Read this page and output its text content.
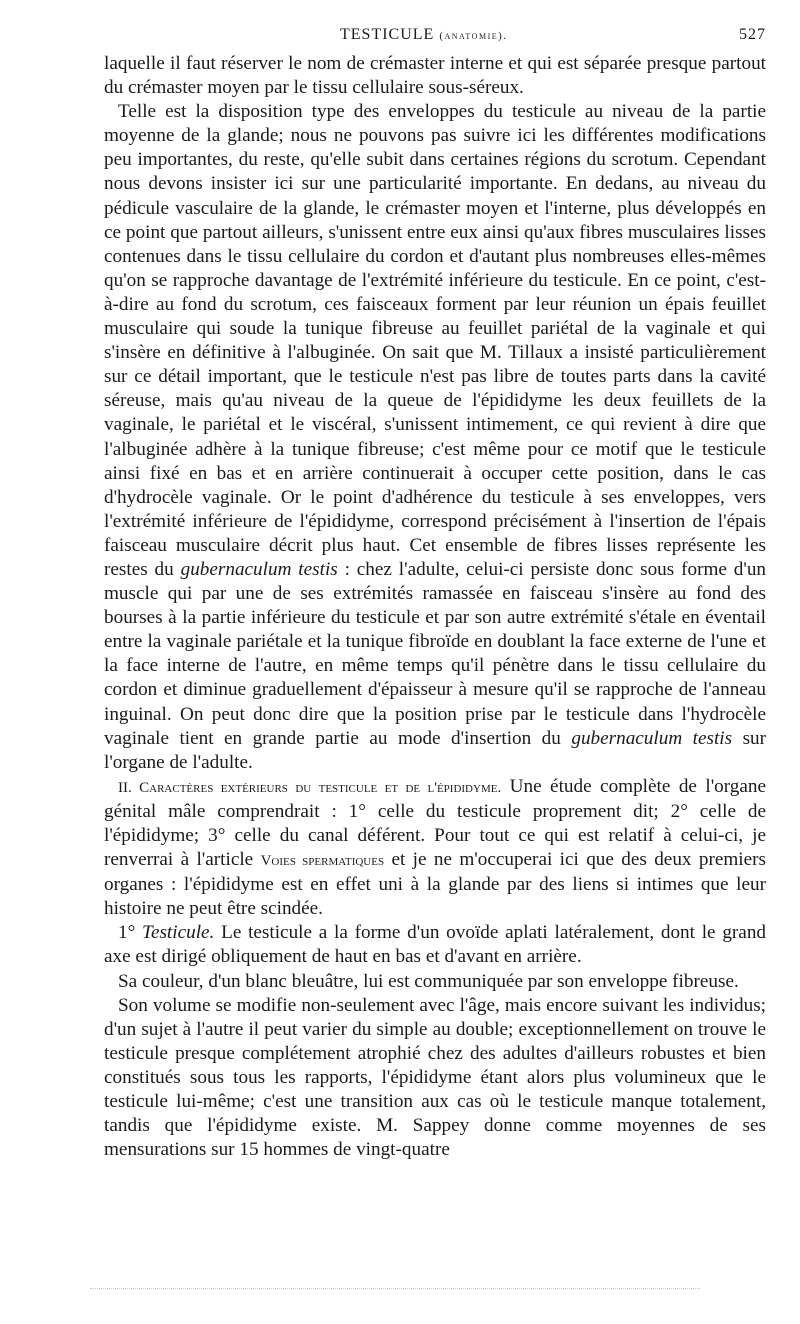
TESTICULE (anatomie).	527

laquelle il faut réserver le nom de crémaster interne et qui est séparée presque partout du crémaster moyen par le tissu cellulaire sous-séreux.

Telle est la disposition type des enveloppes du testicule au niveau de la partie moyenne de la glande; nous ne pouvons pas suivre ici les différentes modifications peu importantes, du reste, qu'elle subit dans certaines régions du scrotum. Cependant nous devons insister ici sur une particularité importante. En dedans, au niveau du pédicule vasculaire de la glande, le crémaster moyen et l'interne, plus développés en ce point que partout ailleurs, s'unissent entre eux ainsi qu'aux fibres musculaires lisses contenues dans le tissu cellulaire du cordon et d'autant plus nombreuses elles-mêmes qu'on se rapproche davantage de l'extrémité inférieure du testicule. En ce point, c'est-à-dire au fond du scrotum, ces faisceaux forment par leur réunion un épais feuillet musculaire qui soude la tunique fibreuse au feuillet pariétal de la vaginale et qui s'insère en définitive à l'albuginée. On sait que M. Tillaux a insisté particulièrement sur ce détail important, que le testicule n'est pas libre de toutes parts dans la cavité séreuse, mais qu'au niveau de la queue de l'épididyme les deux feuillets de la vaginale, le pariétal et le viscéral, s'unissent intimement, ce qui revient à dire que l'albuginée adhère à la tunique fibreuse; c'est même pour ce motif que le testicule ainsi fixé en bas et en arrière continuerait à occuper cette position, dans le cas d'hydrocèle vaginale. Or le point d'adhérence du testicule à ses enveloppes, vers l'extrémité inférieure de l'épididyme, correspond précisément à l'insertion de l'épais faisceau musculaire décrit plus haut. Cet ensemble de fibres lisses représente les restes du gubernaculum testis : chez l'adulte, celui-ci persiste donc sous forme d'un muscle qui par une de ses extrémités ramassée en faisceau s'insère au fond des bourses à la partie inférieure du testicule et par son autre extrémité s'étale en éventail entre la vaginale pariétale et la tunique fibroïde en doublant la face externe de l'une et la face interne de l'autre, en même temps qu'il pénètre dans le tissu cellulaire du cordon et diminue graduellement d'épaisseur à mesure qu'il se rapproche de l'anneau inguinal. On peut donc dire que la position prise par le testicule dans l'hydrocèle vaginale tient en grande partie au mode d'insertion du gubernaculum testis sur l'organe de l'adulte.

II. Caractères extérieurs du testicule et de l'épididyme. Une étude complète de l'organe génital mâle comprendrait : 1° celle du testicule proprement dit; 2° celle de l'épididyme; 3° celle du canal déférent. Pour tout ce qui est relatif à celui-ci, je renverrai à l'article Voies spermatiques et je ne m'occuperai ici que des deux premiers organes : l'épididyme est en effet uni à la glande par des liens si intimes que leur histoire ne peut être scindée.

1° Testicule. Le testicule a la forme d'un ovoïde aplati latéralement, dont le grand axe est dirigé obliquement de haut en bas et d'avant en arrière.

Sa couleur, d'un blanc bleuâtre, lui est communiquée par son enveloppe fibreuse.

Son volume se modifie non-seulement avec l'âge, mais encore suivant les individus; d'un sujet à l'autre il peut varier du simple au double; exceptionnellement on trouve le testicule presque complétement atrophié chez des adultes d'ailleurs robustes et bien constitués sous tous les rapports, l'épididyme étant alors plus volumineux que le testicule lui-même; c'est une transition aux cas où le testicule manque totalement, tandis que l'épididyme existe. M. Sappey donne comme moyennes de ses mensurations sur 15 hommes de vingt-quatre
